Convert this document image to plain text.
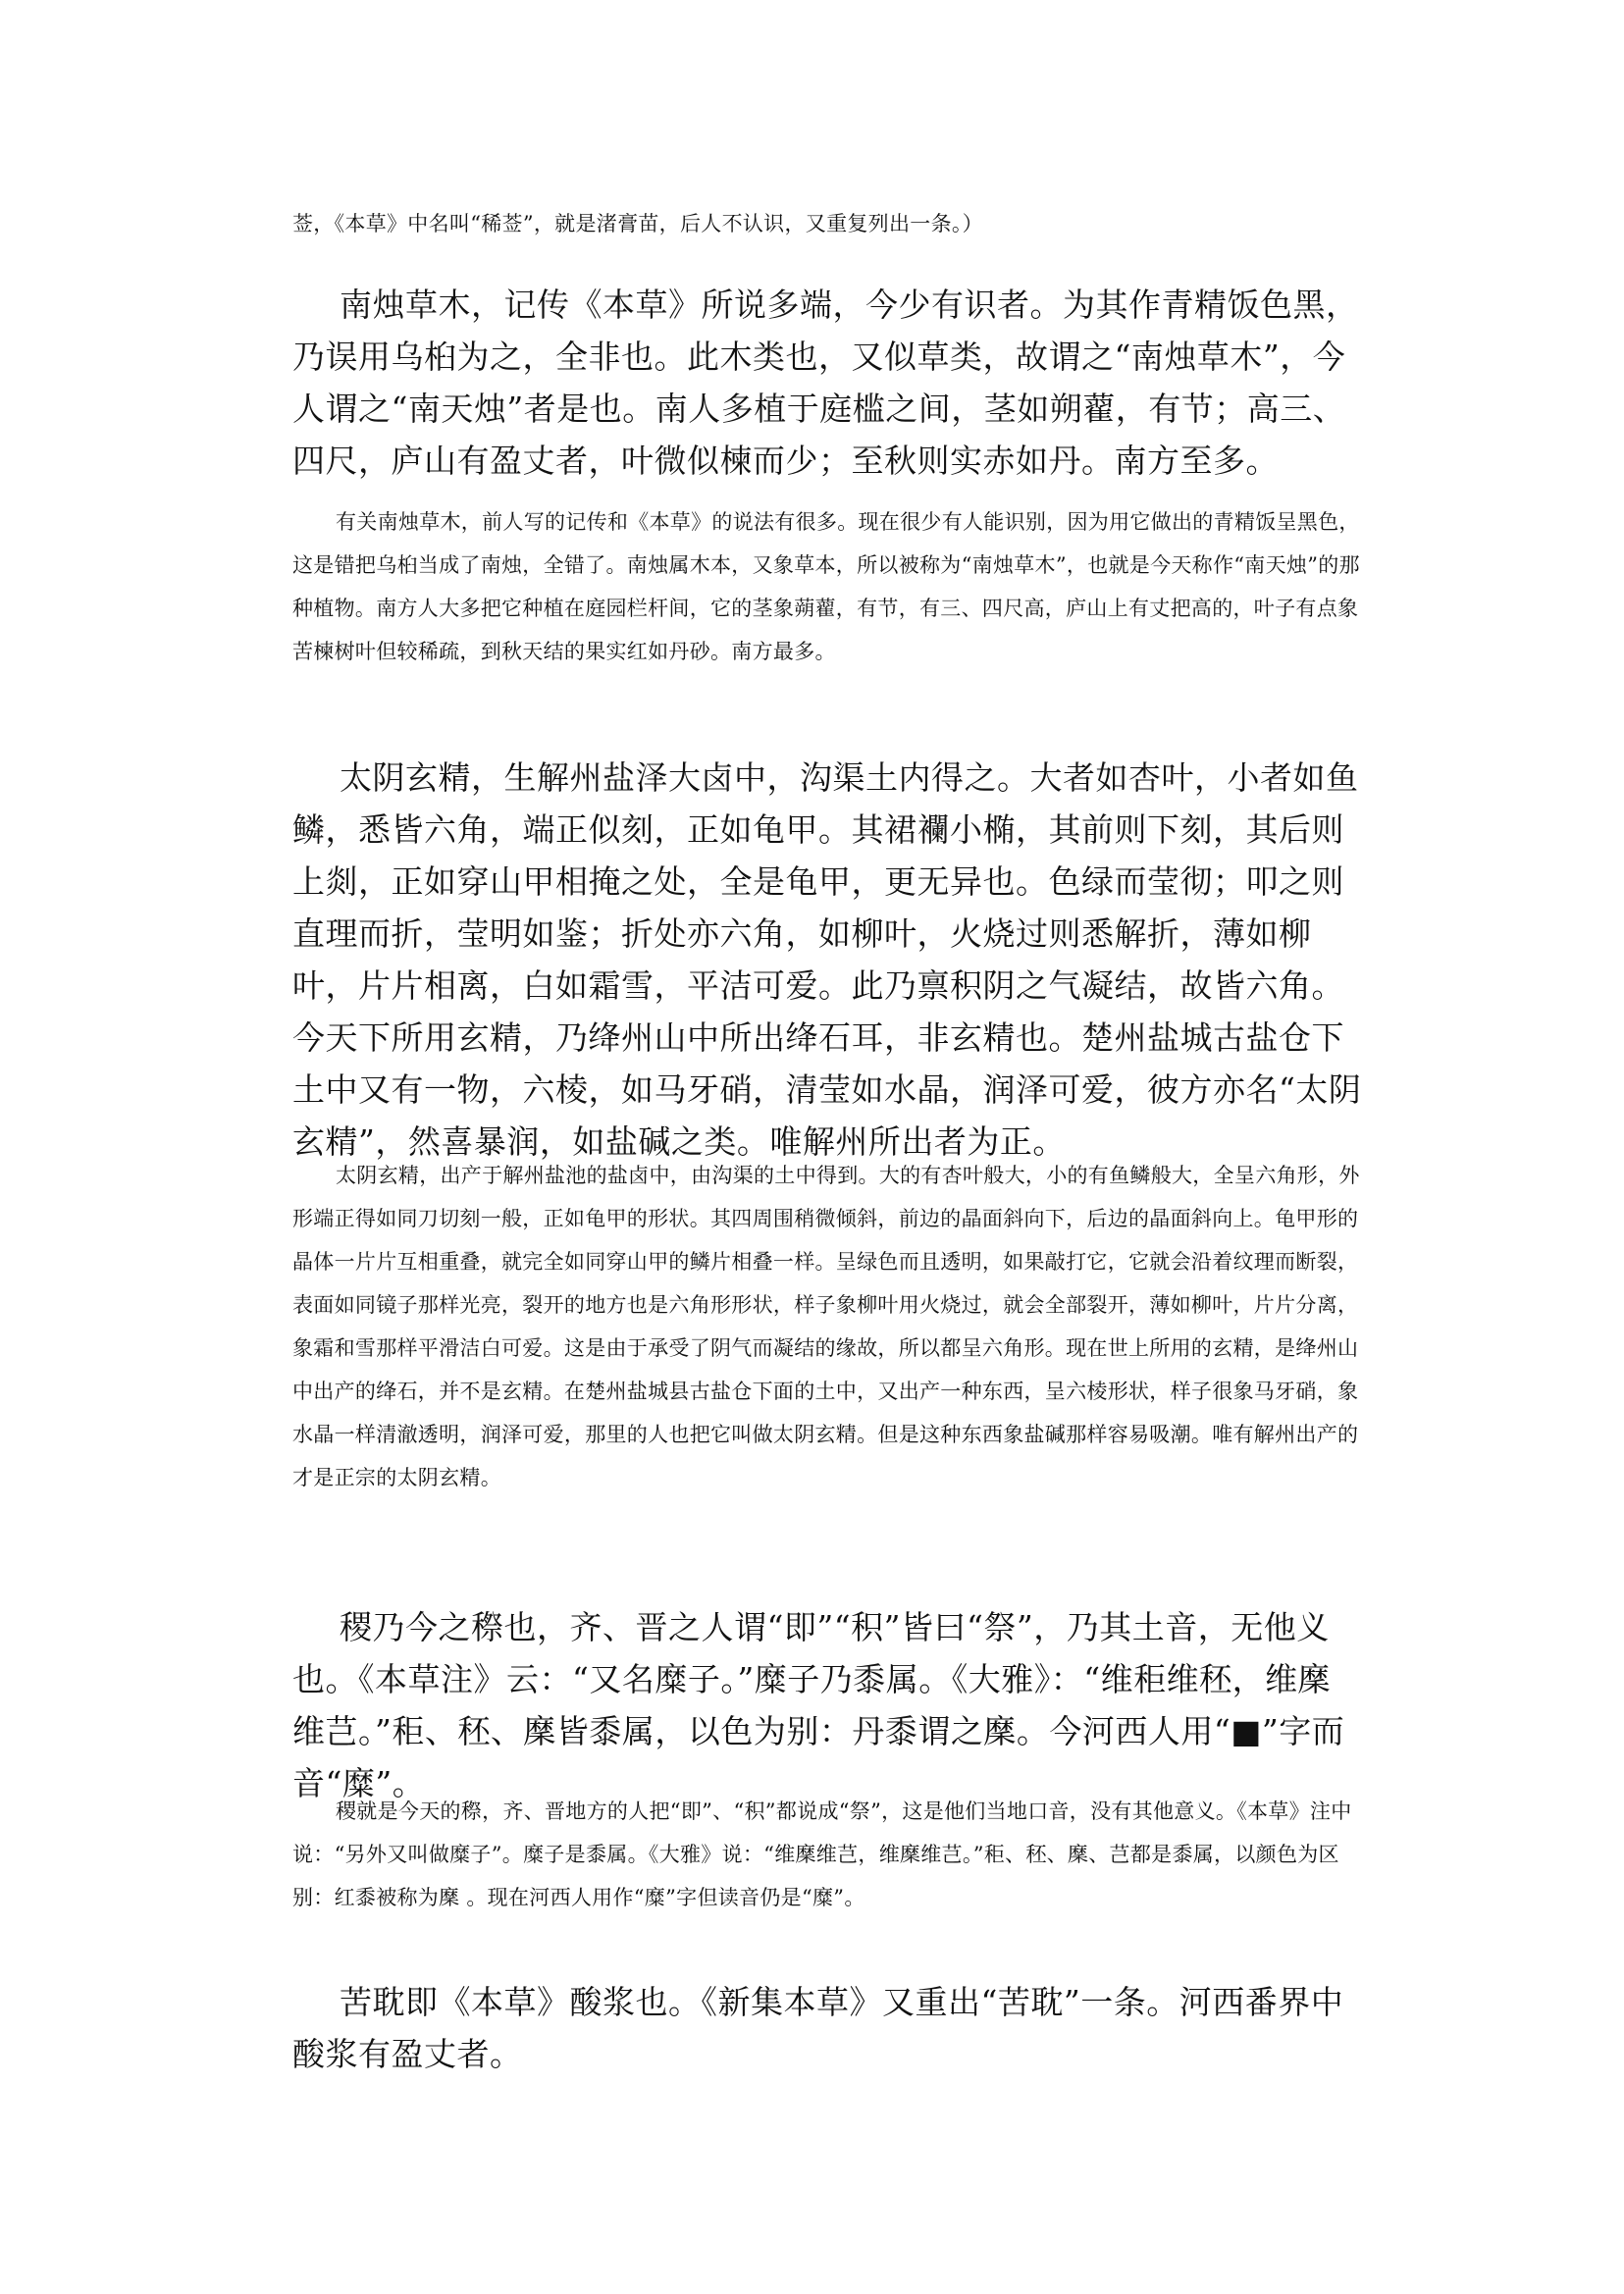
莶，《本草》中名叫“稀莶”，就是渚膏苗，后人不认识，又重复列出一条。）

南烛草木，记传《本草》所说多端，今少有识者。为其作青精饭色黑，乃误用乌桕为之，全非也。此木类也，又似草类，故谓之“南烛草木”，今人谓之“南天烛”者是也。南人多植于庭槛之间，茎如朔藋，有节；高三、四尺，庐山有盈丈者，叶微似楝而少；至秋则实赤如丹。南方至多。

有关南烛草木，前人写的记传和《本草》的说法有很多。现在很少有人能识别，因为用它做出的青精饭呈黑色，这是错把乌桕当成了南烛，全错了。南烛属木本，又象草本，所以被称为“南烛草木”，也就是今天称作“南天烛”的那种植物。南方人大多把它种植在庭园栏杆间，它的茎象蒴藋，有节，有三、四尺高，庐山上有丈把高的，叶子有点象苦楝树叶但较稀疏，到秋天结的果实红如丹砂。南方最多。

太阴玄精，生解州盐泽大卤中，沟渠土内得之。大者如杏叶，小者如鱼鳞，悉皆六角，端正似刻，正如龟甲。其裙襴小椭，其前则下刻，其后则上剡，正如穿山甲相掩之处，全是龟甲，更无异也。色绿而莹彻；叩之则直理而折，莹明如鉴；折处亦六角，如柳叶，火烧过则悉解折，薄如柳叶，片片相离，白如霜雪，平洁可爱。此乃禀积阴之气凝结，故皆六角。今天下所用玄精，乃绛州山中所出绛石耳，非玄精也。楚州盐城古盐仓下土中又有一物，六棱，如马牙硝，清莹如水晶，润泽可爱，彼方亦名“太阴玄精”，然喜暴润，如盐碱之类。唯解州所出者为正。

太阴玄精，出产于解州盐池的盐卤中，由沟渠的土中得到。大的有杏叶般大，小的有鱼鳞般大，全呈六角形，外形端正得如同刀切刻一般，正如龟甲的形状。其四周围稍微倾斜，前边的晶面斜向下，后边的晶面斜向上。龟甲形的晶体一片片互相重叠，就完全如同穿山甲的鳞片相叠一样。呈绿色而且透明，如果敲打它，它就会沿着纹理而断裂，表面如同镜子那样光亮，裂开的地方也是六角形形状，样子象柳叶用火烧过，就会全部裂开，薄如柳叶，片片分离，象霜和雪那样平滑洁白可爱。这是由于承受了阴气而凝结的缘故，所以都呈六角形。现在世上所用的玄精，是绛州山中出产的绛石，并不是玄精。在楚州盐城县古盐仓下面的土中，又出产一种东西，呈六棱形状，样子很象马牙硝，象水晶一样清澈透明，润泽可爱，那里的人也把它叫做太阴玄精。但是这种东西象盐碱那样容易吸潮。唯有解州出产的才是正宗的太阴玄精。

稷乃今之穄也，齐、晋之人谓“即”“积”皆曰“祭”，乃其土音，无他义也。《本草注》云：“又名糜子。”糜子乃黍属。《大雅》：“维秬维秠，维穈维芑。”秬、秠、穈皆黍属，以色为别：丹黍谓之穈。今河西人用“■”字而音“糜”。

稷就是今天的穄，齐、晋地方的人把“即”、“积”都说成“祭”，这是他们当地口音，没有其他意义。《本草》注中说：“另外又叫做糜子”。糜子是黍属。《大雅》说：“维穈维芑，维穈维芑。”秬、秠、穈、芑都是黍属，以颜色为区别：红黍被称为穈 。现在河西人用作“糜”字但读音仍是“糜”。

苦耽即《本草》酸浆也。《新集本草》又重出“苦耽”一条。河西番界中酸浆有盈丈者。
